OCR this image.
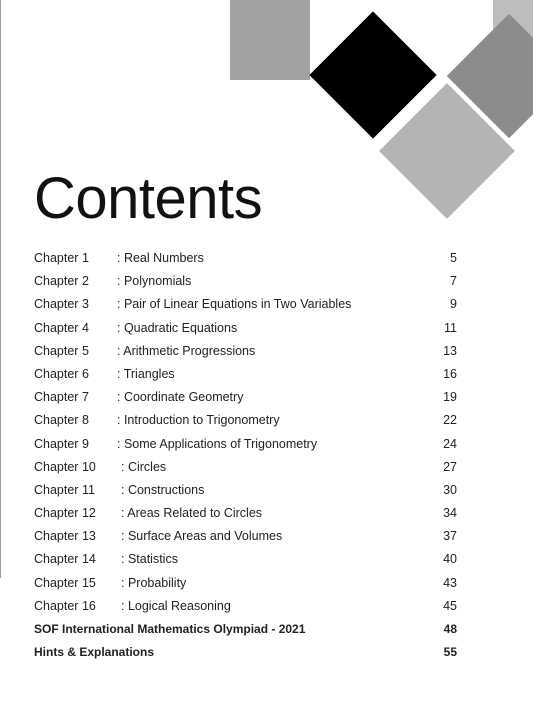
Contents
Chapter 1 : Real Numbers	5
Chapter 2 : Polynomials	7
Chapter 3 : Pair of Linear Equations in Two Variables	9
Chapter 4 : Quadratic Equations	11
Chapter 5 : Arithmetic Progressions	13
Chapter 6 : Triangles	16
Chapter 7 : Coordinate Geometry	19
Chapter 8 : Introduction to Trigonometry	22
Chapter 9 : Some Applications of Trigonometry	24
Chapter 10 : Circles	27
Chapter 11 : Constructions	30
Chapter 12 : Areas Related to Circles	34
Chapter 13 : Surface Areas and Volumes	37
Chapter 14 : Statistics	40
Chapter 15 : Probability	43
Chapter 16 : Logical Reasoning	45
SOF International Mathematics Olympiad - 2021	48
Hints & Explanations	55
